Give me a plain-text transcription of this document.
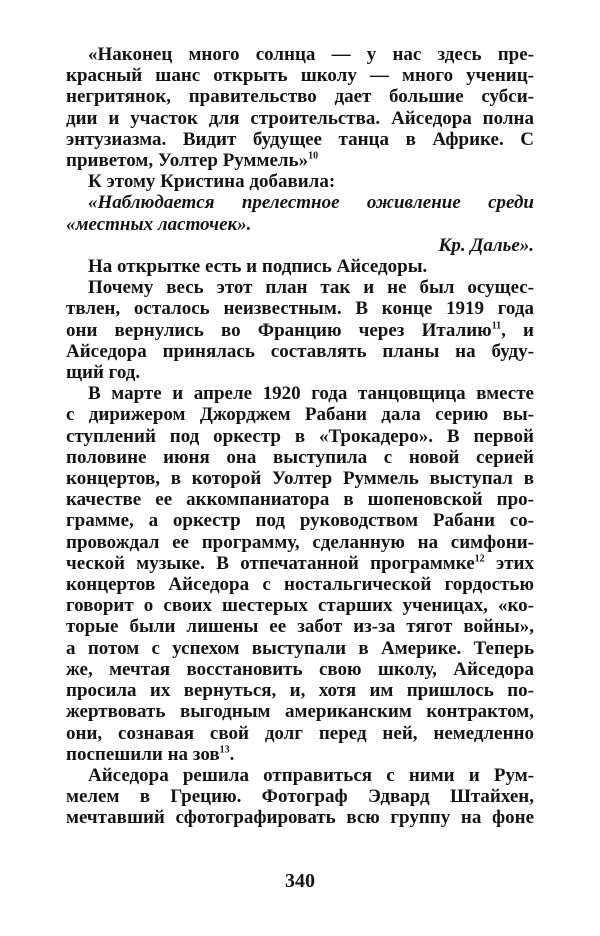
«Наконец много солнца — у нас здесь пре-

красный шанс открыть школу — много учениц-

негритянок, правительство дает большие субси-

дии и участок для строительства. Айседора полна

энтузиазма. Видит будущее танца в Африке. С

приветом, Уолтер Руммель»$^{10}$

К этому Кристина добавила:

«Наблюдается прелестное оживление среди

«местных ласточек».

Кр. Дальe».

На открытке есть и подпись Айседоры.

Почему весь этот план так и не был осущес-

твлен, осталось неизвестным. В конце 1919 года

они вернулись во Францию через Италию$^{11}$, и

Айседора принялась составлять планы на буду-

щий год.

В марте и апреле 1920 года танцовщица вместе

с дирижером Джорджем Рабани дала серию вы-

ступлений под оркестр в «Трокадеро». В первой

половине июня она выступила с новой серией

концертов, в которой Уолтер Руммель выступал в

качестве ее аккомпаниатора в шопеновской про-

грамме, а оркестр под руководством Рабани со-

провождал ее программу, сделанную на симфони-

ческой музыке. В отпечатанной программке$^{12}$ этих

концертов Айседора с ностальгической гордостью

говорит о своих шестерых старших ученицах, «ко-

торые были лишены ее забот из-за тягот войны»,

а потом с успехом выступали в Америке. Теперь

же, мечтая восстановить свою школу, Айседора

просила их вернуться, и, хотя им пришлось по-

жертвовать выгодным американским контрактом,

они, сознавая свой долг перед ней, немедленно

поспешили на зов$^{13}$.

Айседора решила отправиться с ними и Рум-

мелем в Грецию. Фотограф Эдвард Штайхен,

мечтавший сфотографировать всю группу на фоне

340
